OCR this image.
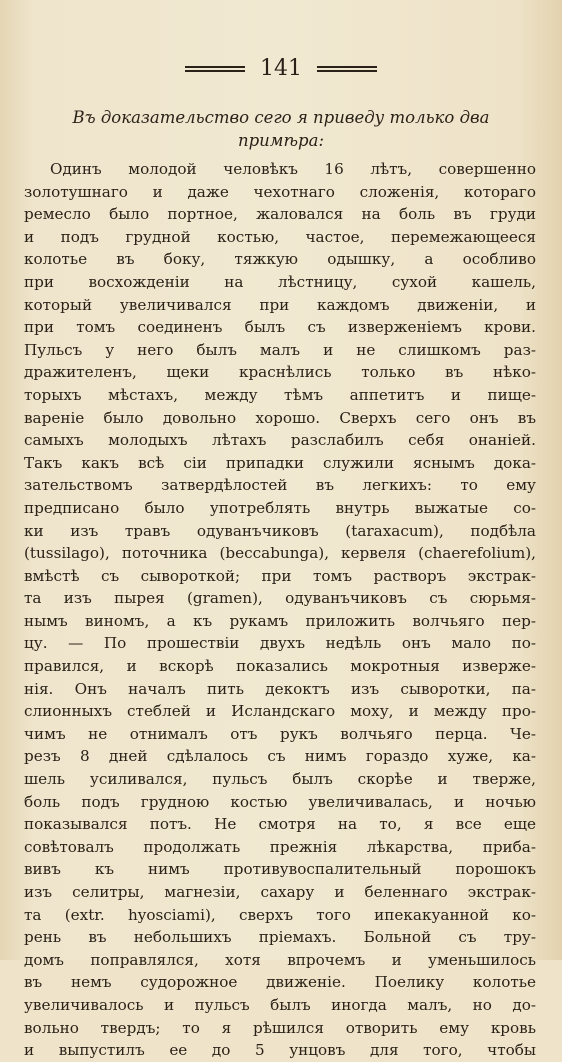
141
Въ доказательство сего я приведу только два
примѣра:
Одинъ молодой человѣкъ 16 лѣтъ, совершенно
золотушнаго и даже чехотнаго сложенія, котораго
ремесло было портное, жаловался на боль въ груди
и подъ грудной костью, частое, перемежающееся
колотье въ боку, тяжкую одышку, а особливо
при восхожденіи на лѣстницу, сухой кашель,
который увеличивался при каждомъ движеніи, и
при томъ соединенъ былъ съ изверженіемъ крови.
Пульсъ у него былъ малъ и не слишкомъ раз-
дражителенъ, щеки краснѣлись только въ нѣко-
торыхъ мѣстахъ, между тѣмъ аппетитъ и пище-
вареніе было довольно хорошо. Сверхъ сего онъ въ
самыхъ молодыхъ лѣтахъ разслабилъ себя онаніей.
Такъ какъ всѣ сіи припадки служили яснымъ дока-
зательствомъ затвердѣлостей въ легкихъ: то ему
предписано было употреблять внутрь выжатые со-
ки изъ травъ одуванъчиковъ (taraxacum), подбѣла
(tussilago), поточника (beccabunga), кервеля (chaerefolium),
вмѣстѣ съ сывороткой; при томъ растворъ экстрак-
та изъ пырея (gramen), одуванъчиковъ съ сюрьмя-
нымъ виномъ, а къ рукамъ приложить волчьяго пер-
цу. — По прошествіи двухъ недѣль онъ мало по-
правился, и вскорѣ показались мокротныя изверже-
нія. Онъ началъ пить декоктъ изъ сыворотки, па-
слионныхъ стеблей и Исландскаго моху, и между про-
чимъ не отнималъ отъ рукъ волчьяго перца. Че-
резъ 8 дней сдѣлалось съ нимъ гораздо хуже, ка-
шель усиливался, пульсъ былъ скорѣе и тверже,
боль подъ грудною костью увеличивалась, и ночью
показывался потъ. Не смотря на то, я все еще
совѣтовалъ продолжать прежнія лѣкарства, приба-
вивъ къ нимъ противувоспалительный порошокъ
изъ селитры, магнезіи, сахару и беленнаго экстрак-
та (extr. hyosciami), сверхъ того ипекакуанной ко-
рень въ небольшихъ пріемахъ. Больной съ тру-
домъ поправлялся, хотя впрочемъ и уменьшилось
въ немъ судорожное движеніе. Поелику колотье
увеличивалось и пульсъ былъ иногда малъ, но до-
вольно твердъ; то я рѣшился отворить ему кровь
и выпустилъ ее до 5 унцовъ для того, чтобы
